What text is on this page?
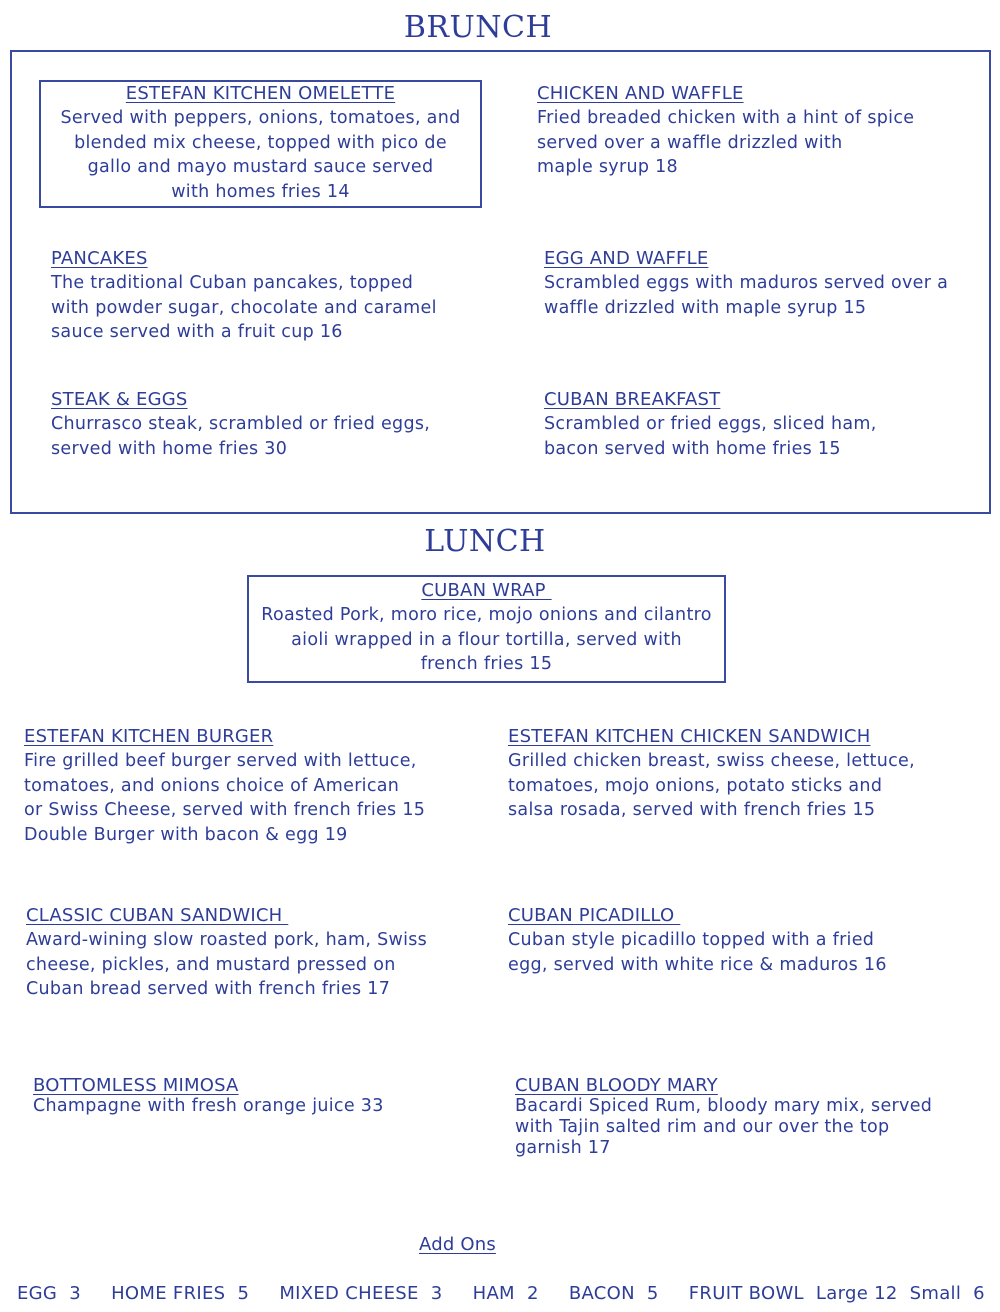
BRUNCH
ESTEFAN KITCHEN OMELETTE
Served with peppers, onions, tomatoes, and
blended mix cheese, topped with pico de
gallo and mayo mustard sauce served
with homes fries 14
CHICKEN AND WAFFLE
Fried breaded chicken with a hint of spice
served over a waffle drizzled with
maple syrup 18
PANCAKES
The traditional Cuban pancakes, topped
with powder sugar, chocolate and caramel
sauce served with a fruit cup 16
EGG AND WAFFLE
Scrambled eggs with maduros served over a
waffle drizzled with maple syrup 15
STEAK & EGGS
Churrasco steak, scrambled or fried eggs,
served with home fries 30
CUBAN BREAKFAST
Scrambled or fried eggs, sliced ham,
bacon served with home fries 15
LUNCH
CUBAN WRAP
Roasted Pork, moro rice, mojo onions and cilantro
aioli wrapped in a flour tortilla, served with
french fries 15
ESTEFAN KITCHEN BURGER
Fire grilled beef burger served with lettuce,
tomatoes, and onions choice of American
or Swiss Cheese, served with french fries 15
Double Burger with bacon & egg 19
ESTEFAN KITCHEN CHICKEN SANDWICH
Grilled chicken breast, swiss cheese, lettuce,
tomatoes, mojo onions, potato sticks and
salsa rosada, served with french fries 15
CLASSIC CUBAN SANDWICH
Award-wining slow roasted pork, ham, Swiss
cheese, pickles, and mustard pressed on
Cuban bread served with french fries 17
CUBAN PICADILLO
Cuban style picadillo topped with a fried
egg, served with white rice & maduros 16
BOTTOMLESS MIMOSA
Champagne with fresh orange juice 33
CUBAN BLOODY MARY
Bacardi Spiced Rum, bloody mary mix, served
with Tajin salted rim and our over the top
garnish 17
Add Ons
EGG 3 HOME FRIES 5 MIXED CHEESE 3 HAM 2 BACON 5 FRUIT BOWL Large 12  Small  6
